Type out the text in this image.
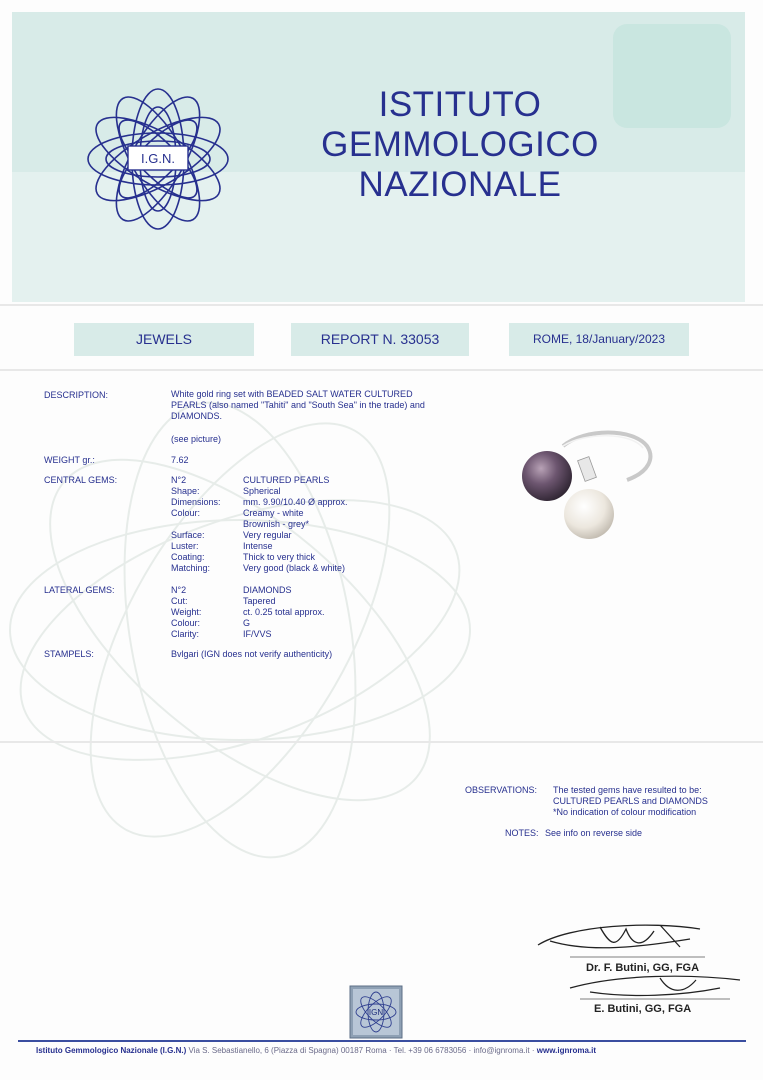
I.G.N.
ISTITUTO
GEMMOLOGICO
NAZIONALE
JEWELS	REPORT N. 33053	ROME, 18/January/2023
DESCRIPTION:	White gold ring set with BEADED SALT WATER CULTURED PEARLS (also named "Tahiti" and "South Sea" in the trade) and DIAMONDS.
(see picture)
WEIGHT gr.:	7.62
CENTRAL GEMS:	N°2	CULTURED PEARLS
Shape:	Spherical
Dimensions: mm. 9.90/10.40 Ø approx.
Colour:	Creamy - white
Brownish - grey*
Surface:	Very regular
Luster:	Intense
Coating:	Thick to very thick
Matching:	Very good (black & white)
LATERAL GEMS:	N°2	DIAMONDS
Cut:	Tapered
Weight:	ct. 0.25 total approx.
Colour:	G
Clarity:	IF/VVS
STAMPELS:	Bvlgari (IGN does not verify authenticity)
OBSERVATIONS: The tested gems have resulted to be:
CULTURED PEARLS and DIAMONDS
*No indication of colour modification
NOTES: See info on reverse side
Dr. F. Butini, GG, FGA
E. Butini, GG, FGA
IGN
Istituto Gemmologico Nazionale (I.G.N.) Via S. Sebastianello, 6 (Piazza di Spagna) 00187 Roma · Tel. +39 06 6783056 · info@ignroma.it · www.ignroma.it
